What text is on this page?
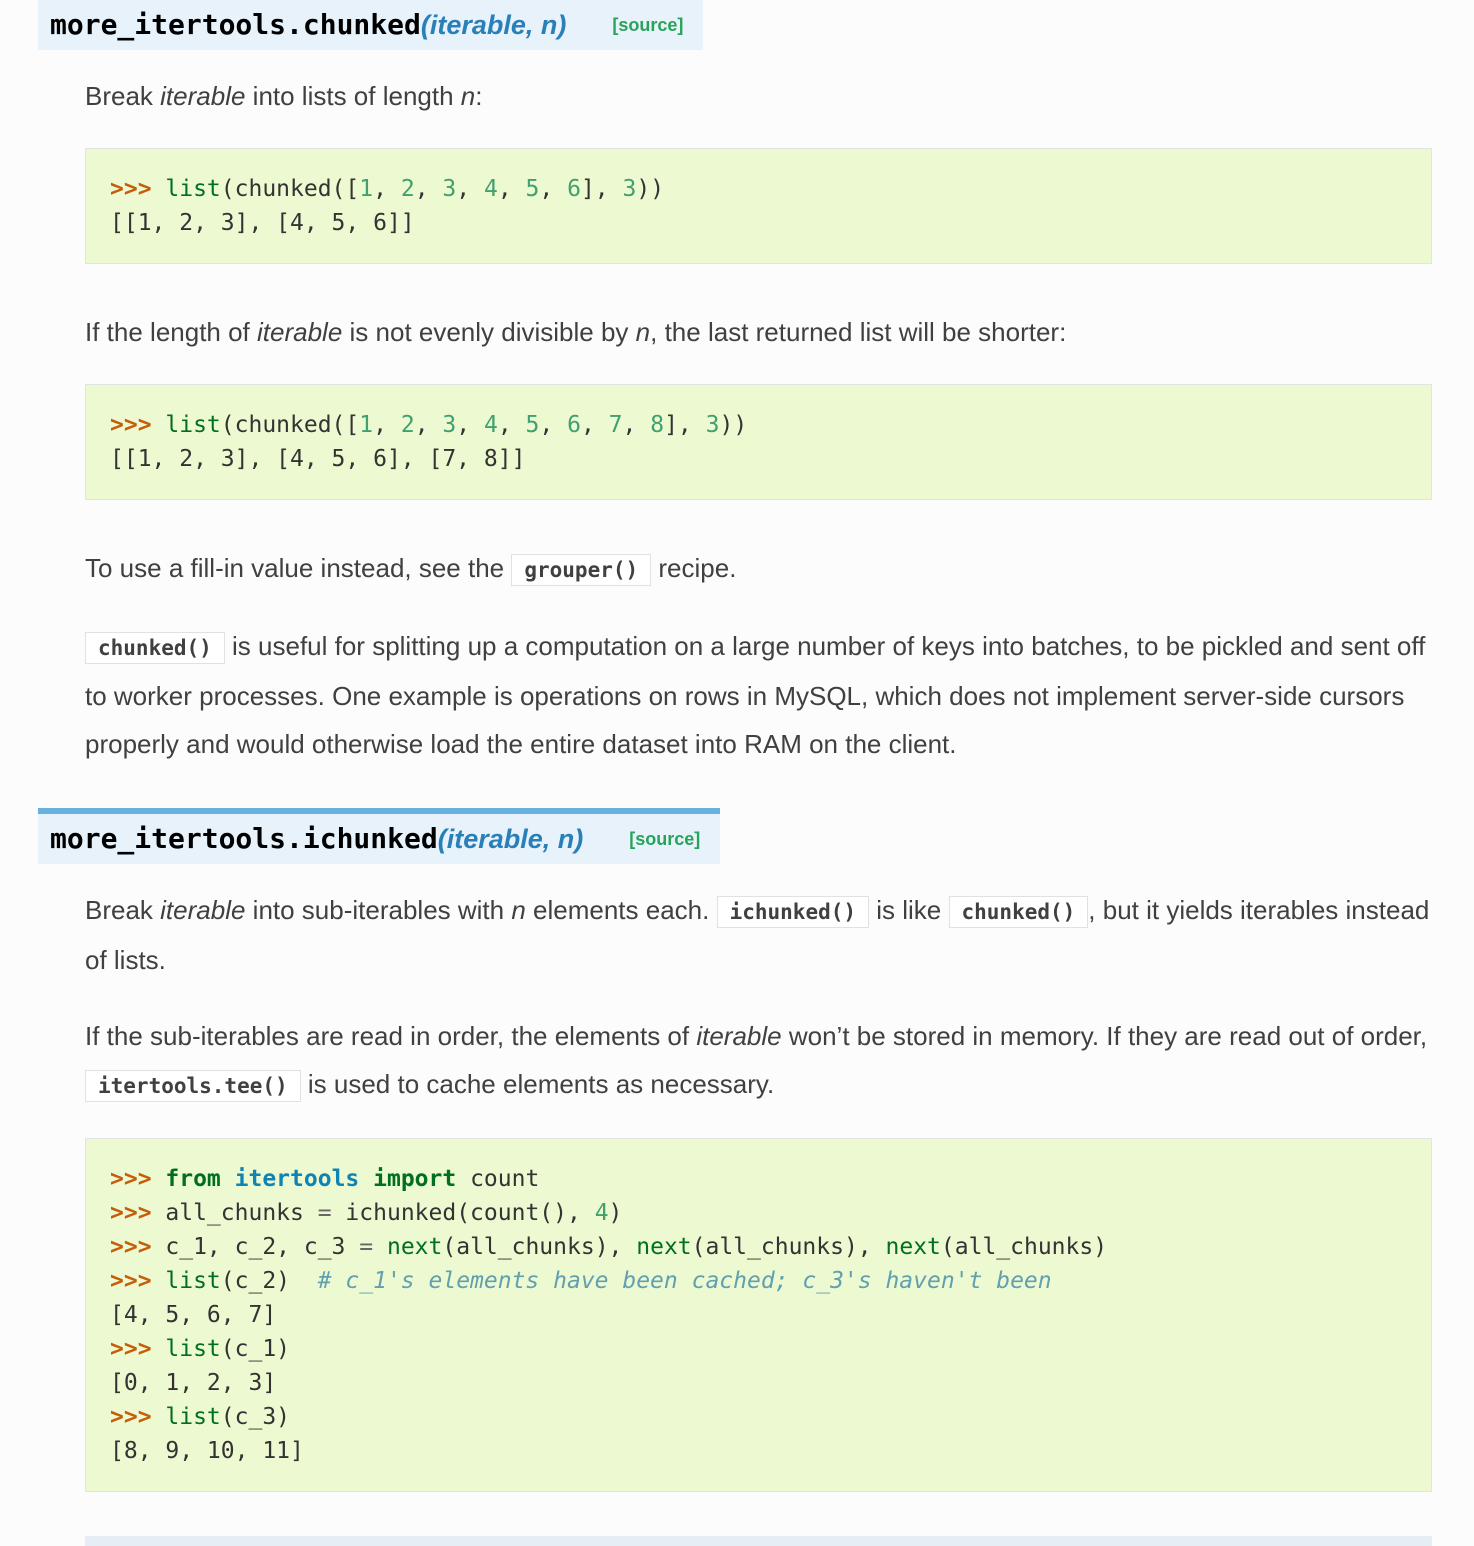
more_itertools.chunked(iterable, n)	[source]

Break iterable into lists of length n:

>>> list(chunked([1, 2, 3, 4, 5, 6], 3))
[[1, 2, 3], [4, 5, 6]]

If the length of iterable is not evenly divisible by n, the last returned list will be shorter:

>>> list(chunked([1, 2, 3, 4, 5, 6, 7, 8], 3))
[[1, 2, 3], [4, 5, 6], [7, 8]]

To use a fill-in value instead, see the grouper() recipe.

chunked() is useful for splitting up a computation on a large number of keys into batches, to be pickled and sent off to worker processes. One example is operations on rows in MySQL, which does not implement server-side cursors properly and would otherwise load the entire dataset into RAM on the client.

more_itertools.ichunked(iterable, n)	[source]

Break iterable into sub-iterables with n elements each. ichunked() is like chunked() , but it yields iterables instead of lists.

If the sub-iterables are read in order, the elements of iterable won’t be stored in memory. If they are read out of order, itertools.tee() is used to cache elements as necessary.

>>> from itertools import count
>>> all_chunks = ichunked(count(), 4)
>>> c_1, c_2, c_3 = next(all_chunks), next(all_chunks), next(all_chunks)
>>> list(c_2)  # c_1's elements have been cached; c_3's haven't been
[4, 5, 6, 7]
>>> list(c_1)
[0, 1, 2, 3]
>>> list(c_3)
[8, 9, 10, 11]
